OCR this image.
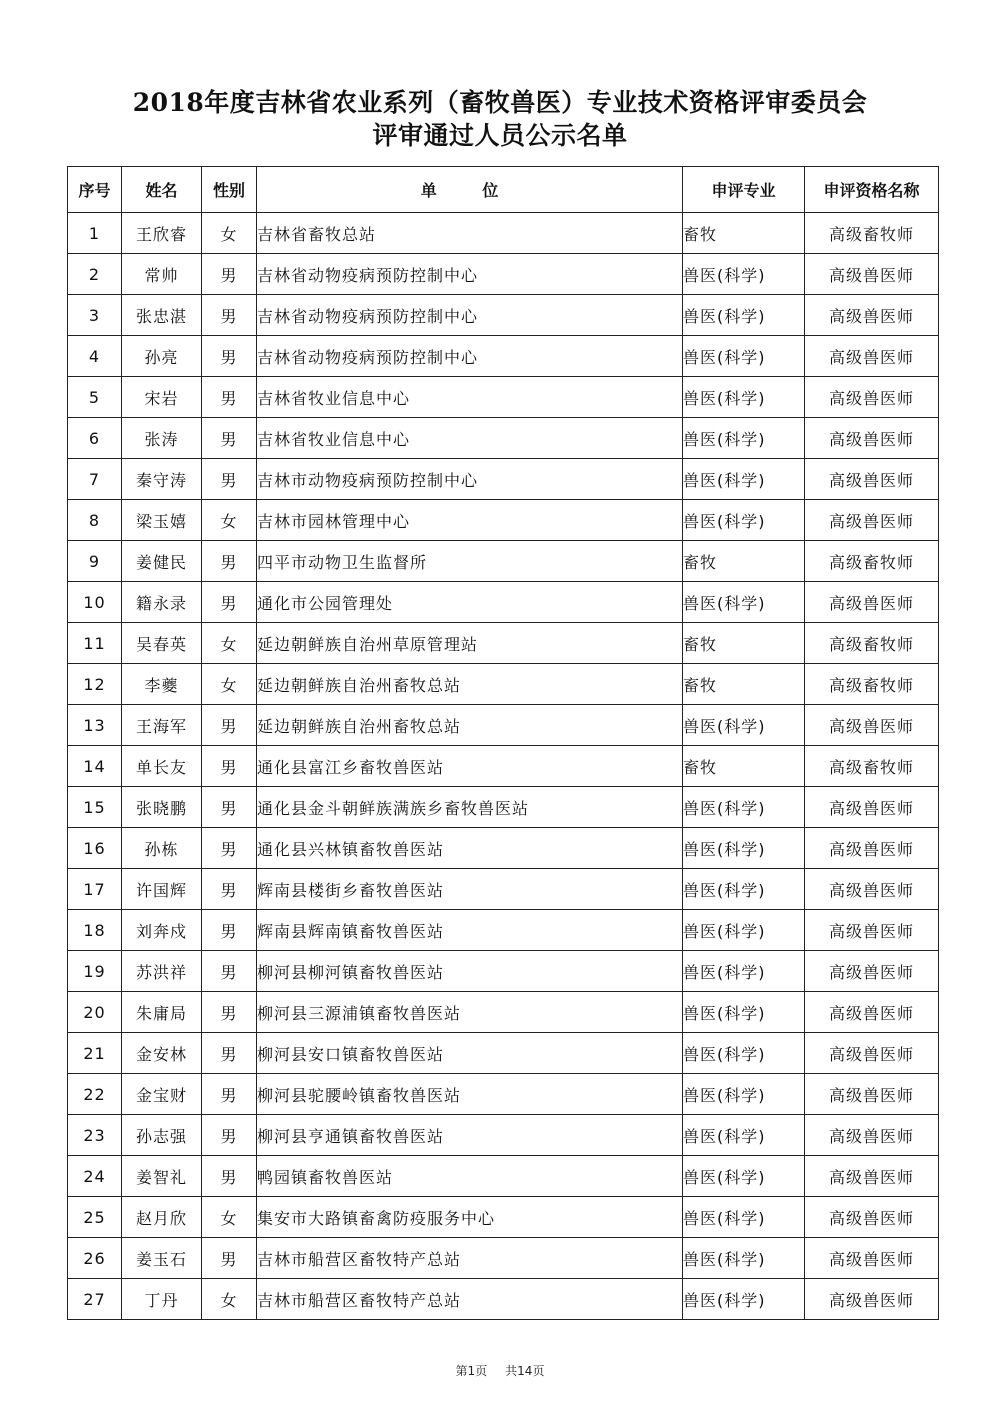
2018年度吉林省农业系列（畜牧兽医）专业技术资格评审委员会
评审通过人员公示名单
序号	姓名	性别	单 位	申评专业	申评资格名称
1	王欣睿	女	吉林省畜牧总站	畜牧	高级畜牧师
2	常帅	男	吉林省动物疫病预防控制中心	兽医(科学)	高级兽医师
3	张忠湛	男	吉林省动物疫病预防控制中心	兽医(科学)	高级兽医师
4	孙亮	男	吉林省动物疫病预防控制中心	兽医(科学)	高级兽医师
5	宋岩	男	吉林省牧业信息中心	兽医(科学)	高级兽医师
6	张涛	男	吉林省牧业信息中心	兽医(科学)	高级兽医师
7	秦守涛	男	吉林市动物疫病预防控制中心	兽医(科学)	高级兽医师
8	梁玉嬉	女	吉林市园林管理中心	兽医(科学)	高级兽医师
9	姜健民	男	四平市动物卫生监督所	畜牧	高级畜牧师
10	籍永录	男	通化市公园管理处	兽医(科学)	高级兽医师
11	吴春英	女	延边朝鲜族自治州草原管理站	畜牧	高级畜牧师
12	李夔	女	延边朝鲜族自治州畜牧总站	畜牧	高级畜牧师
13	王海军	男	延边朝鲜族自治州畜牧总站	兽医(科学)	高级兽医师
14	单长友	男	通化县富江乡畜牧兽医站	畜牧	高级畜牧师
15	张晓鹏	男	通化县金斗朝鲜族满族乡畜牧兽医站	兽医(科学)	高级兽医师
16	孙栋	男	通化县兴林镇畜牧兽医站	兽医(科学)	高级兽医师
17	许国辉	男	辉南县楼街乡畜牧兽医站	兽医(科学)	高级兽医师
18	刘奔戍	男	辉南县辉南镇畜牧兽医站	兽医(科学)	高级兽医师
19	苏洪祥	男	柳河县柳河镇畜牧兽医站	兽医(科学)	高级兽医师
20	朱庸局	男	柳河县三源浦镇畜牧兽医站	兽医(科学)	高级兽医师
21	金安林	男	柳河县安口镇畜牧兽医站	兽医(科学)	高级兽医师
22	金宝财	男	柳河县驼腰岭镇畜牧兽医站	兽医(科学)	高级兽医师
23	孙志强	男	柳河县亨通镇畜牧兽医站	兽医(科学)	高级兽医师
24	姜智礼	男	鸭园镇畜牧兽医站	兽医(科学)	高级兽医师
25	赵月欣	女	集安市大路镇畜禽防疫服务中心	兽医(科学)	高级兽医师
26	姜玉石	男	吉林市船营区畜牧特产总站	兽医(科学)	高级兽医师
27	丁丹	女	吉林市船营区畜牧特产总站	兽医(科学)	高级兽医师
第1页 共14页
